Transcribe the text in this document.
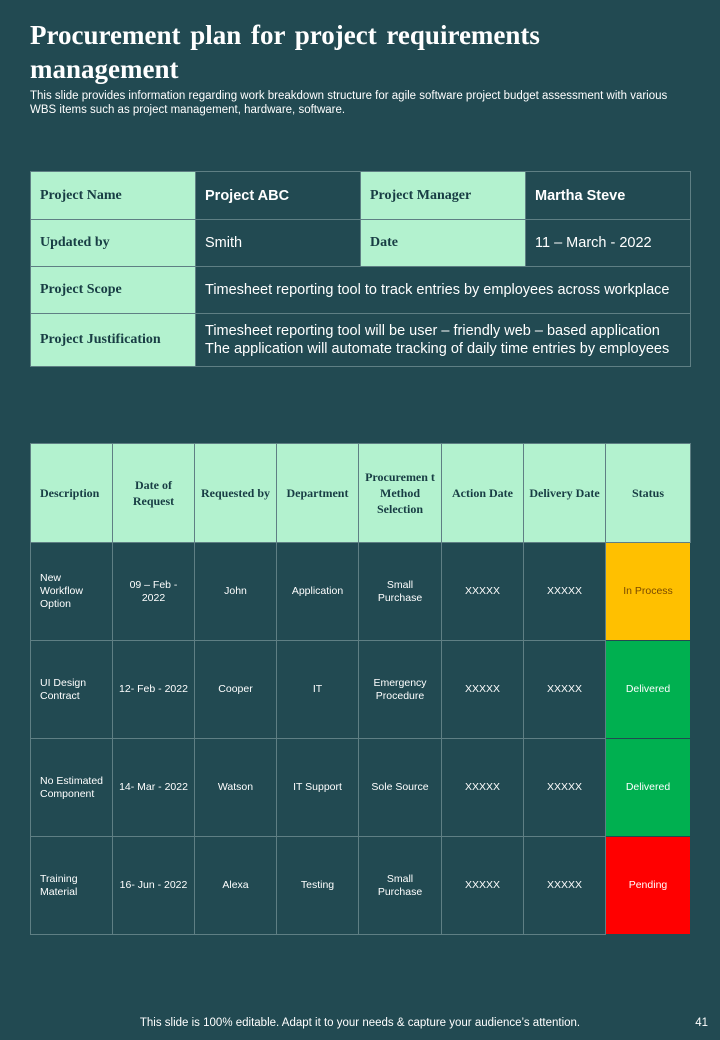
Procurement plan for project requirements management

This slide provides information regarding work breakdown structure for agile software project budget assessment with various WBS items such as project management, hardware, software.

Project Name	Project ABC	Project Manager	Martha Steve
Updated by	Smith	Date	11 – March - 2022
Project Scope	Timesheet reporting tool to track entries by employees across workplace		
Project Justification	Timesheet reporting tool will be user – friendly web – based application
The application will automate tracking of daily time entries by employees		
Description	Date of Request	Requested by	Department	Procuremen t Method Selection	Action Date	Delivery Date	Status
New Workflow Option	09 – Feb - 2022	John	Application	Small Purchase	XXXXX	XXXXX	In Process
UI Design Contract	12- Feb - 2022	Cooper	IT	Emergency Procedure	XXXXX	XXXXX	Delivered
No Estimated Component	14- Mar - 2022	Watson	IT Support	Sole Source	XXXXX	XXXXX	Delivered
Training Material	16- Jun - 2022	Alexa	Testing	Small Purchase	XXXXX	XXXXX	Pending
This slide is 100% editable. Adapt it to your needs & capture your audience’s attention.	41
